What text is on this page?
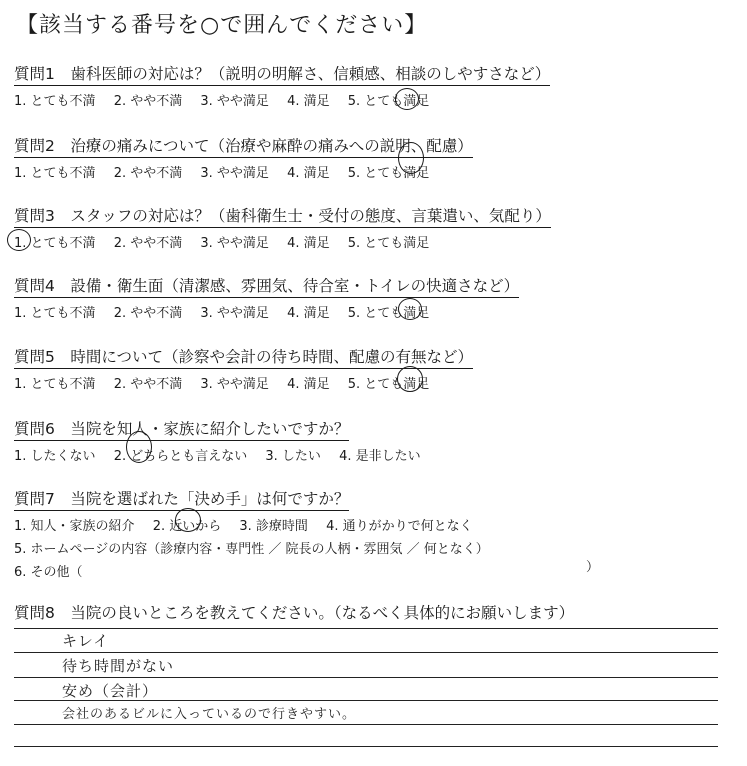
【該当する番号を○で囲んでください】
質問1　歯科医師の対応は？（説明の明解さ、信頼感、相談のしやすさなど）
1. とても不満 2. やや不満 3. やや満足 4. 満足 5. とても満足
質問2　治療の痛みについて（治療や麻酔の痛みへの説明、配慮）
1. とても不満 2. やや不満 3. やや満足 4. 満足 5. とても満足
質問3　スタッフの対応は？（歯科衛生士・受付の態度、言葉遣い、気配り）
1. とても不満 2. やや不満 3. やや満足 4. 満足 5. とても満足
質問4　設備・衛生面（清潔感、雰囲気、待合室・トイレの快適さなど）
1. とても不満 2. やや不満 3. やや満足 4. 満足 5. とても満足
質問5　時間について（診察や会計の待ち時間、配慮の有無など）
1. とても不満 2. やや不満 3. やや満足 4. 満足 5. とても満足
質問6　当院を知人・家族に紹介したいですか？
1. したくない 2. どちらとも言えない 3. したい 4. 是非したい
質問7　当院を選ばれた「決め手」は何ですか？
1. 知人・家族の紹介 2. 近いから 3. 診療時間 4. 通りがかりで何となく
5. ホームページの内容（診療内容・専門性 ／ 院長の人柄・雰囲気 ／ 何となく）
6. その他（	）
質問8　当院の良いところを教えてください。（なるべく具体的にお願いします）
キレイ
待ち時間がない
安め（会計）
会社のあるビルに入っているので行きやすい。
